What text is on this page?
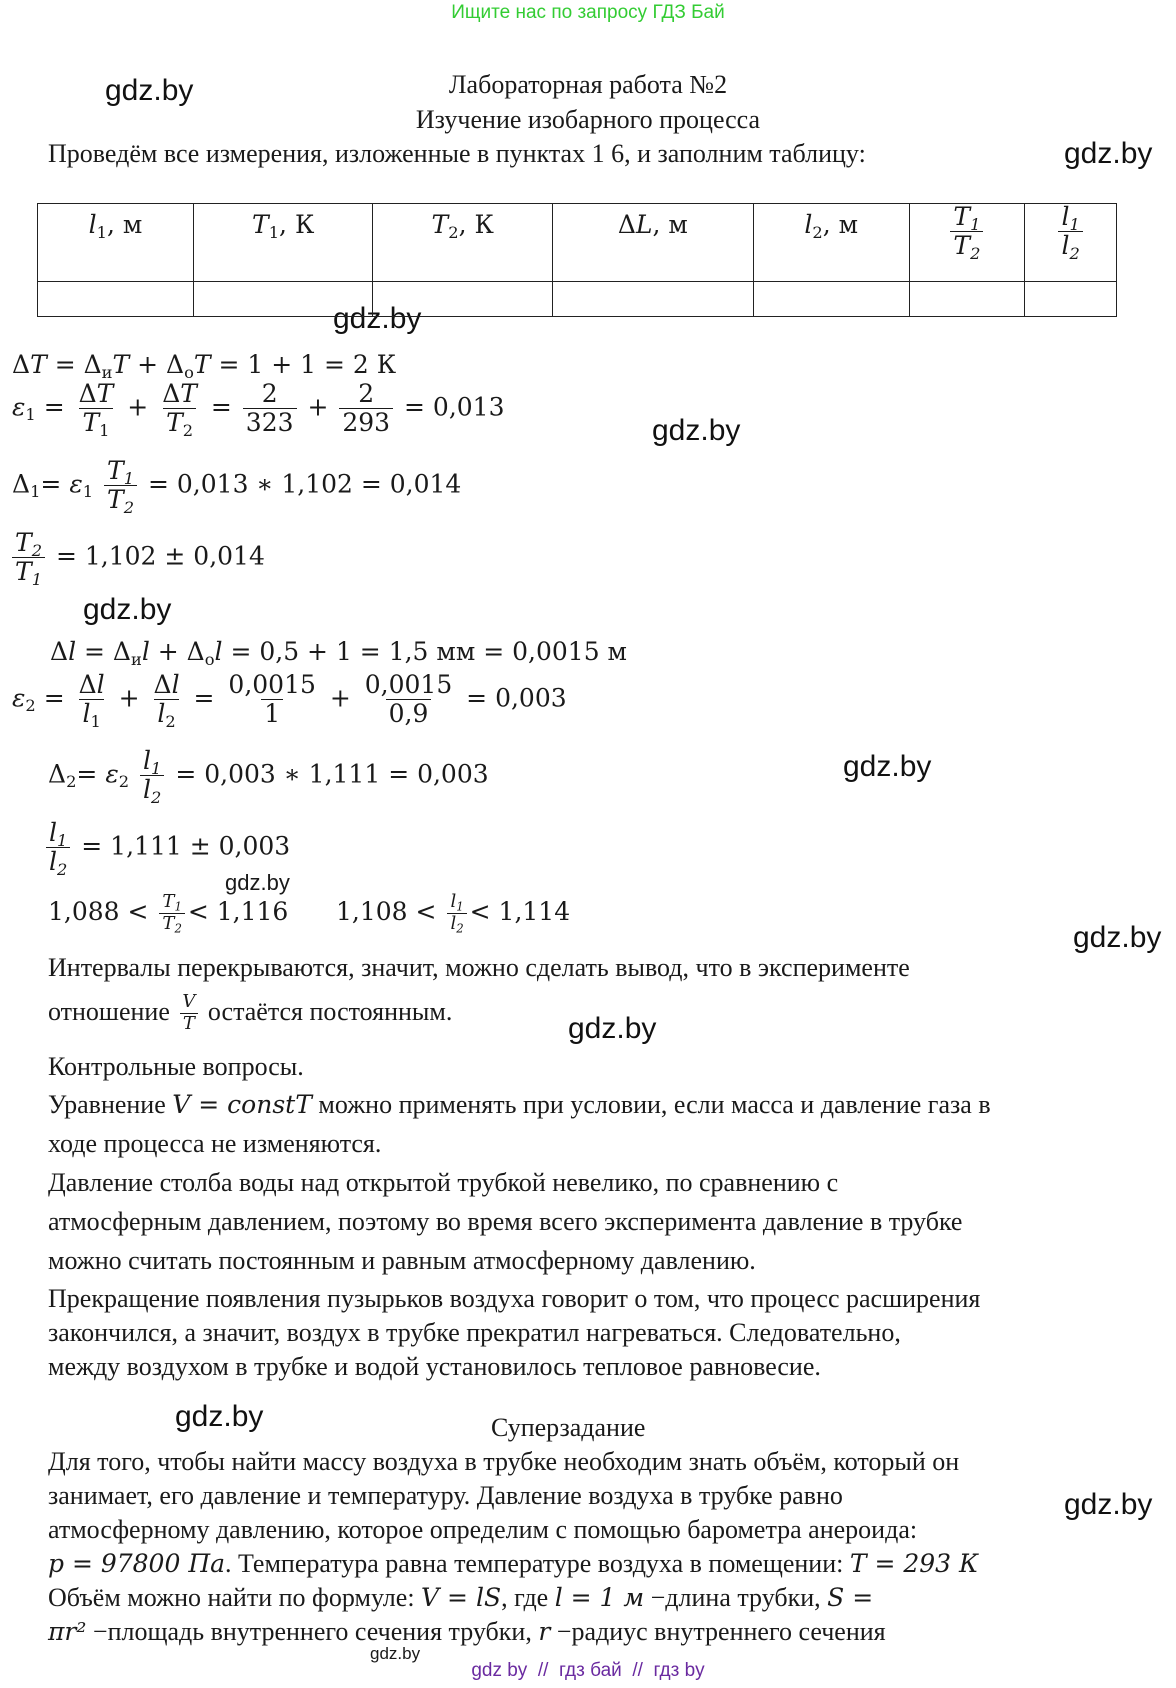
Ищите нас по запросу ГДЗ Бай
gdz.by
gdz.by
gdz.by
gdz.by
gdz.by
gdz.by
gdz.by
gdz.by
gdz.by
gdz.by
gdz.by
gdz.by
Лабораторная работа №2
Изучение изобарного процесса
Проведём все измерения, изложенные в пунктах 1 6, и заполним таблицу:
$l_1$, м	$T_1$, К	$T_2$, К	ΔL, м	$l_2$, м	$\frac{T_1}{T_2}$	$\frac{l_1}{l_2}$

$\Delta T = \Delta_иT + \Delta_оT = 1 + 1 = 2$ К
$\varepsilon_1 = \frac{\Delta T}{T_1} + \frac{\Delta T}{T_2} = \frac{2}{323} + \frac{2}{293} = 0,013$
$\Delta_1= \varepsilon_1 \frac{T_1}{T_2} = 0,013$ ∗ 1,102 = 0,014
$\frac{T_2}{T_1} = 1,102 \pm 0,014$
$\Delta l = \Delta_иl + \Delta_оl = 0,5 + 1 = 1,5$ мм = 0,0015 м
$\varepsilon_2 = \frac{\Delta l}{l_1} + \frac{\Delta l}{l_2} = \frac{0,0015}{1} + \frac{0,0015}{0,9} = 0,003$
$\Delta_2= \varepsilon_2 \frac{l_1}{l_2} = 0,003$ ∗ 1,111 = 0,003
$\frac{l_1}{l_2} = 1,111 \pm 0,003$
$1,088 < \frac{T_1}{T_2} < 1,116$      $1,108 < \frac{l_1}{l_2} < 1,114$
Интервалы перекрываются, значит, можно сделать вывод, что в эксперименте
отношение $\frac{V}{T}$ остаётся постоянным.
Контрольные вопросы.
Уравнение V = constT можно применять при условии, если масса и давление газа в
ходе процесса не изменяются.
Давление столба воды над открытой трубкой невелико, по сравнению с
атмосферным давлением, поэтому во время всего эксперимента давление в трубке
можно считать постоянным и равным атмосферному давлению.
Прекращение появления пузырьков воздуха говорит о том, что процесс расширения
закончился, а значит, воздух в трубке прекратил нагреваться. Следовательно,
между воздухом в трубке и водой установилось тепловое равновесие.
Суперзадание
Для того, чтобы найти массу воздуха в трубке необходим знать объём, который он
занимает, его давление и температуру. Давление воздуха в трубке равно
атмосферному давлению, которое определим с помощью барометра анероида:
p = 97800 Па. Температура равна температуре воздуха в помещении: T = 293 К
Объём можно найти по формуле: V = lS, где l = 1 м −длина трубки, S =
πr² −площадь внутреннего сечения трубки, r −радиус внутреннего сечения
gdz by // гдз бай // гдз by
